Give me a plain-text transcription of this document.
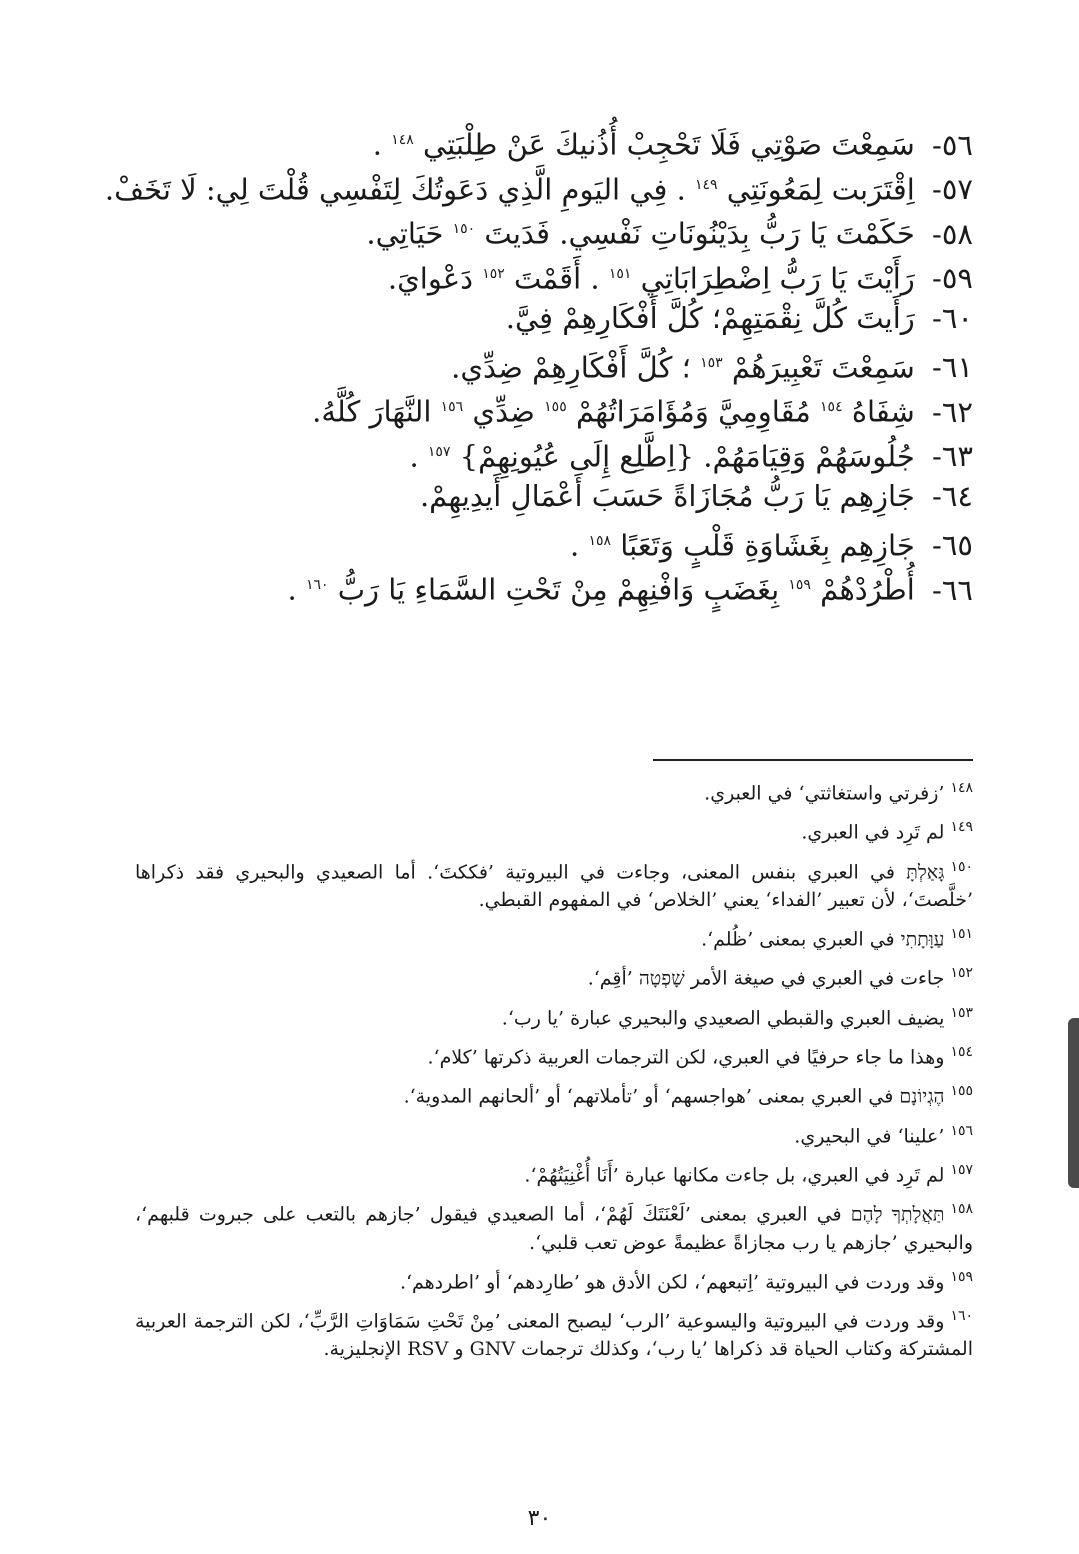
٥٦- سَمِعْتَ صَوْتِي فَلَا تَحْجِبْ أُذُنيكَ عَنْ طِلْبَتِي $^{١٤٨}$ .
٥٧- اِقْتَرَبت لِمَعُونَتِي $^{١٤٩}$ . فِي اليَومِ الَّذِي دَعَوتُكَ لِتَفْسِي قُلْتَ لِي: لَا تَخَفْ.
٥٨- حَكَمْتَ يَا رَبُّ بِدَيْنُونَاتِ نَفْسِي. فَدَيتَ $^{١٥٠}$ حَيَاتِي.
٥٩- رَأَيْتَ يَا رَبُّ اِضْطِرَابَاتِي $^{١٥١}$ . أَقَمْتَ $^{١٥٢}$ دَعْوايَ.
٦٠- رَأَيتَ كُلَّ نِقْمَتِهِمْ؛ كُلَّ أَفْكَارِهِمْ فِيَّ.
٦١- سَمِعْتَ تَعْبِيرَهُمْ $^{١٥٣}$ ؛ كُلَّ أَفْكَارِهِمْ ضِدِّي.
٦٢- شِفَاهُ $^{١٥٤}$ مُقَاوِمِيَّ وَمُؤَامَرَاتُهُمْ $^{١٥٥}$ ضِدِّي $^{١٥٦}$ النَّهَارَ كُلَّهُ.
٦٣- جُلُوسَهُمْ وَقِيَامَهُمْ. {اِطَّلِع إِلَى عُيُونِهِمْ} $^{١٥٧}$ .
٦٤- جَازِهِم يَا رَبُّ مُجَازَاةً حَسَبَ أَعْمَالِ أَيدِيهِمْ.
٦٥- جَازِهِم بِغَشَاوَةِ قَلْبٍ وَتَعَبًا $^{١٥٨}$ .
٦٦- أُطْرُدْهُمْ $^{١٥٩}$ بِغَضَبٍ وَافْنِهِمْ مِنْ تَحْتِ السَّمَاءِ يَا رَبُّ $^{١٦٠}$ .
$^{١٤٨}$’زفرتي واستغاثتي‘ في العبري.
$^{١٤٩}$لم تَرِد في العبري.
$^{١٥٠}$גָּאַלְתָּ في العبري بنفس المعنى، وجاءت في البيروتية ’فككتَ‘. أما الصعيدي والبحيري فقد ذكراها ’خلَّصتَ‘، لأن تعبير ’الفداء‘ يعني ’الخلاص‘ في المفهوم القبطي.
$^{١٥١}$עַוָּתָתִי في العبري بمعنى ’ظُلم‘.
$^{١٥٢}$جاءت في العبري في صيغة الأمر שָׁפְטָה ’أقِم‘.
$^{١٥٣}$يضيف العبري والقبطي الصعيدي والبحيري عبارة ’يا رب‘.
$^{١٥٤}$وهذا ما جاء حرفيًا في العبري، لكن الترجمات العربية ذكرتها ’كلام‘.
$^{١٥٥}$הֶגְיוֹנָם في العبري بمعنى ’هواجسهم‘ أو ’تأملاتهم‘ أو ’ألحانهم المدوية‘.
$^{١٥٦}$’علينا‘ في البحيري.
$^{١٥٧}$لم تَرِد في العبري، بل جاءت مكانها عبارة ’أَنَا أُغْنِيَتُهُمْ‘.
$^{١٥٨}$תַּאֲלָתְךָ לָהֶם في العبري بمعنى ’لَعْنَتَكَ لَهُمْ‘، أما الصعيدي فيقول ’جازهم بالتعب على جبروت قلبهم‘، والبحيري ’جازهم يا رب مجازاةً عظيمةً عوض تعب قلبي‘.
$^{١٥٩}$وقد وردت في البيروتية ’اِتبعهم‘، لكن الأدق هو ’طارِدهم‘ أو ’اطردهم‘.
$^{١٦٠}$وقد وردت في البيروتية واليسوعية ’الرب‘ ليصبح المعنى ’مِنْ تَحْتِ سَمَاوَاتِ الرَّبِّ‘، لكن الترجمة العربية المشتركة وكتاب الحياة قد ذكراها ’يا رب‘، وكذلك ترجمات GNV و RSV الإنجليزية.
٣٠
